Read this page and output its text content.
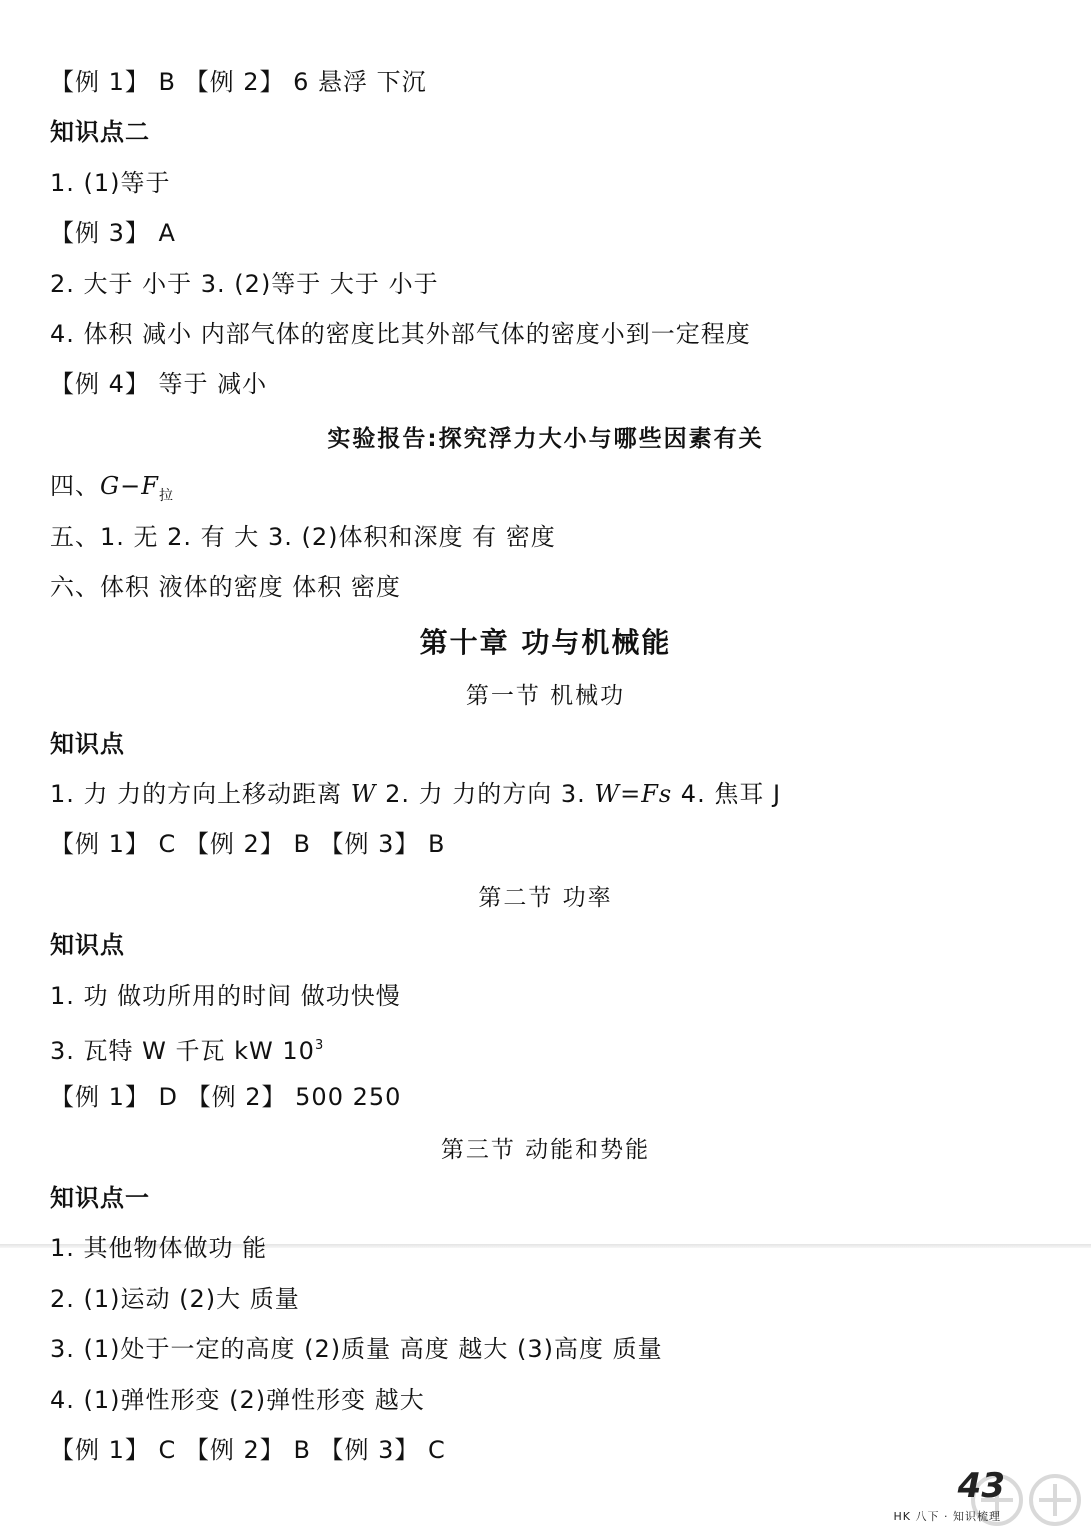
【例 1】 B 【例 2】 6 悬浮 下沉
知识点二
1. (1)等于
【例 3】 A
2. 大于 小于 3. (2)等于 大于 小于
4. 体积 减小 内部气体的密度比其外部气体的密度小到一定程度
【例 4】 等于 减小
实验报告:探究浮力大小与哪些因素有关
四、$G-F_拉$
五、1. 无 2. 有 大 3. (2)体积和深度 有 密度
六、体积 液体的密度 体积 密度
第十章 功与机械能
第一节 机械功
知识点
1. 力 力的方向上移动距离 W 2. 力 力的方向 3. W=Fs 4. 焦耳 J
【例 1】 C 【例 2】 B 【例 3】 B
第二节 功率
知识点
1. 功 做功所用的时间 做功快慢
3. 瓦特 W 千瓦 kW $10^3$
【例 1】 D 【例 2】 500 250
第三节 动能和势能
知识点一
1. 其他物体做功 能
2. (1)运动 (2)大 质量
3. (1)处于一定的高度 (2)质量 高度 越大 (3)高度 质量
4. (1)弹性形变 (2)弹性形变 越大
【例 1】 C 【例 2】 B 【例 3】 C
43
HK 八下 · 知识梳理
